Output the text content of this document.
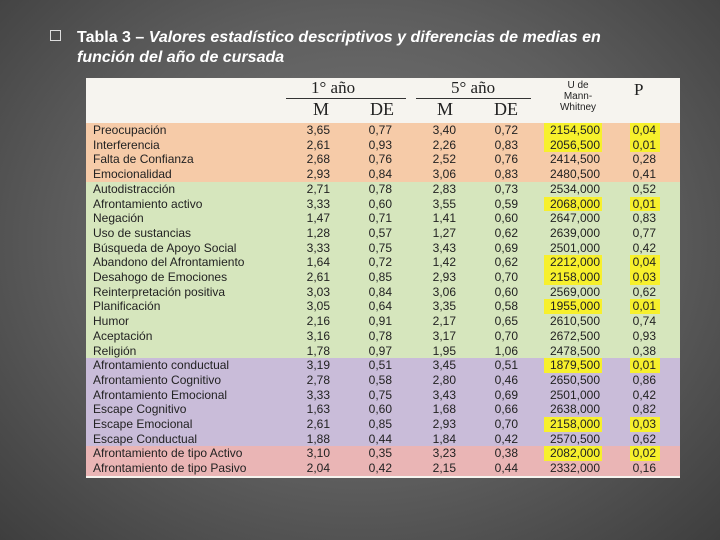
Tabla 3 – Valores estadístico descriptivos y diferencias de medias en
función del año de cursada
1° año	5° año
M	DE	M	DE
U de
Mann-
Whitney
P
Preocupación	3,65	0,77	3,40	0,72	2154,500	0,04
Interferencia	2,61	0,93	2,26	0,83	2056,500	0,01
Falta de Confianza	2,68	0,76	2,52	0,76	2414,500	0,28
Emocionalidad	2,93	0,84	3,06	0,83	2480,500	0,41
Autodistracción	2,71	0,78	2,83	0,73	2534,000	0,52
Afrontamiento activo	3,33	0,60	3,55	0,59	2068,000	0,01
Negación	1,47	0,71	1,41	0,60	2647,000	0,83
Uso de sustancias	1,28	0,57	1,27	0,62	2639,000	0,77
Búsqueda de Apoyo Social	3,33	0,75	3,43	0,69	2501,000	0,42
Abandono del Afrontamiento	1,64	0,72	1,42	0,62	2212,000	0,04
Desahogo de Emociones	2,61	0,85	2,93	0,70	2158,000	0,03
Reinterpretación positiva	3,03	0,84	3,06	0,60	2569,000	0,62
Planificación	3,05	0,64	3,35	0,58	1955,000	0,01
Humor	2,16	0,91	2,17	0,65	2610,500	0,74
Aceptación	3,16	0,78	3,17	0,70	2672,500	0,93
Religión	1,78	0,97	1,95	1,06	2478,500	0,38
Afrontamiento conductual	3,19	0,51	3,45	0,51	1879,500	0,01
Afrontamiento Cognitivo	2,78	0,58	2,80	0,46	2650,500	0,86
Afrontamiento Emocional	3,33	0,75	3,43	0,69	2501,000	0,42
Escape Cognitivo	1,63	0,60	1,68	0,66	2638,000	0,82
Escape Emocional	2,61	0,85	2,93	0,70	2158,000	0,03
Escape Conductual	1,88	0,44	1,84	0,42	2570,500	0,62
Afrontamiento de tipo Activo	3,10	0,35	3,23	0,38	2082,000	0,02
Afrontamiento de tipo Pasivo	2,04	0,42	2,15	0,44	2332,000	0,16
